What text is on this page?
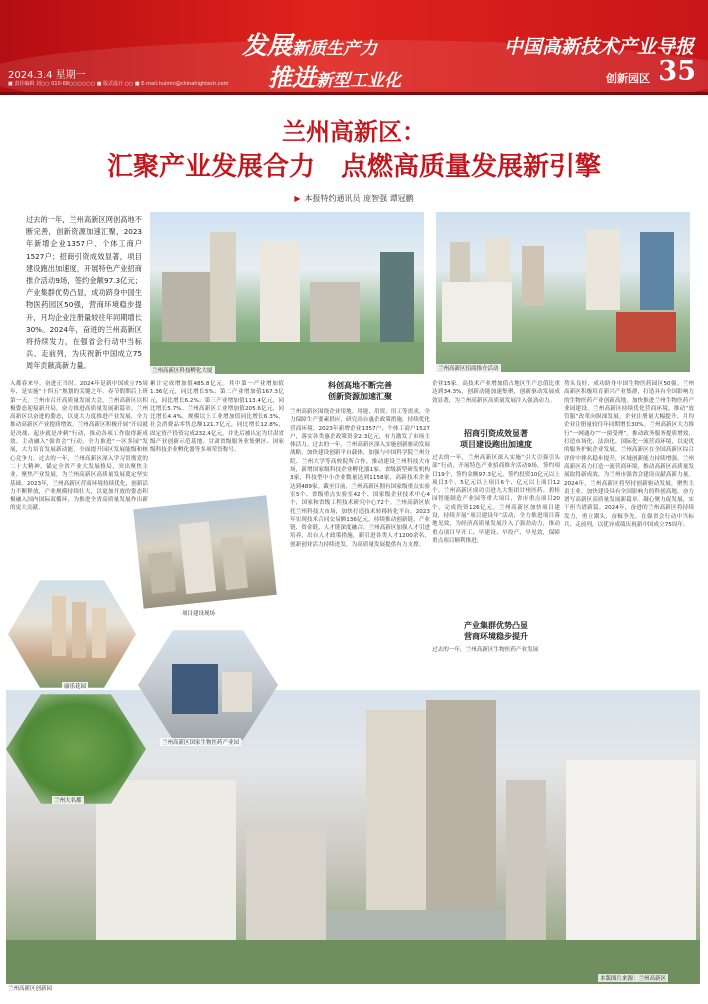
发展新质生产力
推进新型工业化
中国高新技术产业导报
2024.3.4 星期一
■ 责任编辑 刘○○ 010-68○○○○○○ ■ 版式设计 ○○ ■ E-mail:huimin@chinahightech.com	创新园区 35
兰州高新区：
汇聚产业发展合力　点燃高质量发展新引擎
▶ 本报特约通讯员 庞智强 谭冠鹏
过去的一年，兰州高新区网创高地不断完善，创新资源加速汇聚，2023年新增企业1357户、个体工商户1527户；招商引资成效显著，项目建设跑出加速度，开展特色产业招商推介活动9场，签约金额97.3亿元；产业集群优势凸显，成功跻身中国生物医药园区50强，营商环境稳步提升，月均企业注册量较往年同期增长30%。2024年，奋进的兰州高新区将持续发力，在强省会行动中当标兵、走前列，为庆祝新中国成立75周年贡献高新力量。
兰州高新区科技孵化大厦	兰州高新区招商推介活动
入都春来早，奋进正当时。2024年是新中国成立75周年，是实施“十四五”规划的关键之年。春节假期后上班第一天，兰州市召开高质量发展大会，兰州高新区以积极姿态迎接新开局，奋力推进高质量发展新篇章。兰州高新区以奋进的姿态，以更大力度推进产业发展，全力推动高新区产业提质增效。兰州高新区积极开展“开局就是决战、起步就是冲刺”行动，推动各项工作取得新成效，主动融入“强省会”行动，全力推进“一区多园”发展，大力培育发展新动能，全面提升园区发展能级和核心竞争力。过去的一年，兰州高新区深入学习贯彻党的二十大精神，锚定全省产业大发展格局，突出聚焦主业、聚焦产业发展，为兰州高新区高质量发展奠定坚实基础。2023年，兰州高新区营商环境持续优化，创新活力不断释放，产业规模持续壮大，以更加开放的姿态积极融入国内国际双循环，为推进全省高质量发展作出新的更大贡献。
累计完成增加值485.8亿元。其中第一产业增加值1.36亿元，同比增长5%；第二产业增加值167.3亿元，同比增长6.2%；第三产业增加值113.4亿元，同比增长5.7%。兰州高新区工业增加值205.6亿元，同比增长4.4%，规模以上工业增加值同比增长6.3%，社会消费品零售总额121.7亿元，同比增长12.8%，固定资产投资完成232.4亿元，并先后被认定为甘肃省级产业创新示范基地、甘肃省级服务业集聚区、国家级科技企业孵化器等多项荣誉称号。
科创高地不断完善
创新资源加速汇聚
兰州高新区围绕企业用地、用能、用资、用工等需求，全力保障生产要素供应，研究出台惠企政策措施，持续优化营商环境。2023年新增企业1357户、个体工商户1527户，落实各类惠企政策资金2.3亿元，有力激发了市场主体活力。过去的一年，兰州高新区深入实施创新驱动发展战略，加快建设创新平台载体，加强与中国科学院兰州分院、兰州大学等高校院所合作，推动建设兰州科技大市场，新增国家级科技企业孵化器1家、省级新型研发机构3家，科技型中小企业数量达到1158家，高新技术企业达到489家。截至目前，兰州高新区拥有国家级重点实验室5个、省级重点实验室42个、国家级企业技术中心4个，国家和省级工程技术研究中心72个。兰州高新区依托兰州科技大市场，加快打造技术转移转化平台，2023年实现技术合同交易额136亿元，持续推动创新链、产业链、资金链、人才链深度融合。兰州高新区加强人才引进培养，出台人才政策措施，新引进各类人才1200余名，创新创业活力持续迸发，为高质量发展提供有力支撑。
企业15家。高技术产业增加值占地区生产总值比重达到34.3%，创新动能加速集聚，创新驱动发展成效显著，为兰州高新区高质量发展注入强劲动力。
招商引资成效显著
项目建设跑出加速度
过去的一年，兰州高新区深入实施“引大引强引头部”行动，开展特色产业招商推介活动9场，签约项目19个，签约金额97.3亿元，签约投资10亿元以上项目3个、5亿元以上项目6个、亿元以上项目12个。兰州高新区成功引进九大集团甘州医药、碧桂园智能制造产业园等重大项目，省市重点项目20个，完成投资126亿元。兰州高新区加快项目建设，持续开展“项目建设年”活动，全力推进项目落地见效，为经济高质量发展注入了强劲动力，推动重点项目早开工、早建设、早投产、早见效，保障重点项目顺利推进。
产业集群优势凸显
营商环境稳步提升
过去的一年，兰州高新区生物医药产业发展
势头良好，成功跻身中国生物医药园区50强。兰州高新区积极培育新兴产业集群，打造具有全国影响力的生物医药产业创新高地，加快推进兰州生物医药产业园建设。兰州高新区持续优化营商环境，推动“放管服”改革向纵深发展，企业注册量大幅提升，月均企业注册量较往年同期增长30%。兰州高新区大力推行“一网通办”“一窗受理”，推动政务服务提质增效，打造市场化、法治化、国际化一流营商环境，以更优的服务护航企业发展。兰州高新区在全国高新区综合评价中排名稳步提升，区域创新能力持续增强。兰州高新区着力打造一流营商环境，推动高新区高质量发展取得新成效，为兰州市强省会建设贡献高新力量。2024年，兰州高新区将坚持创新驱动发展，聚焦主责主业，加快建设具有全国影响力的科创高地，奋力谱写高新区高质量发展新篇章。凝心聚力促发展，实干担当谱新篇。2024年，奋进的兰州高新区将持续发力，勇立潮头、奋楫争先，在强省会行动中当标兵、走前列，以优异成绩庆祝新中国成立75周年。
项目建设现场
康乐花园
兰州高新区国家生物医药产业园
兰州大名都
兰州高新区创新园
本版图片来源：兰州高新区
